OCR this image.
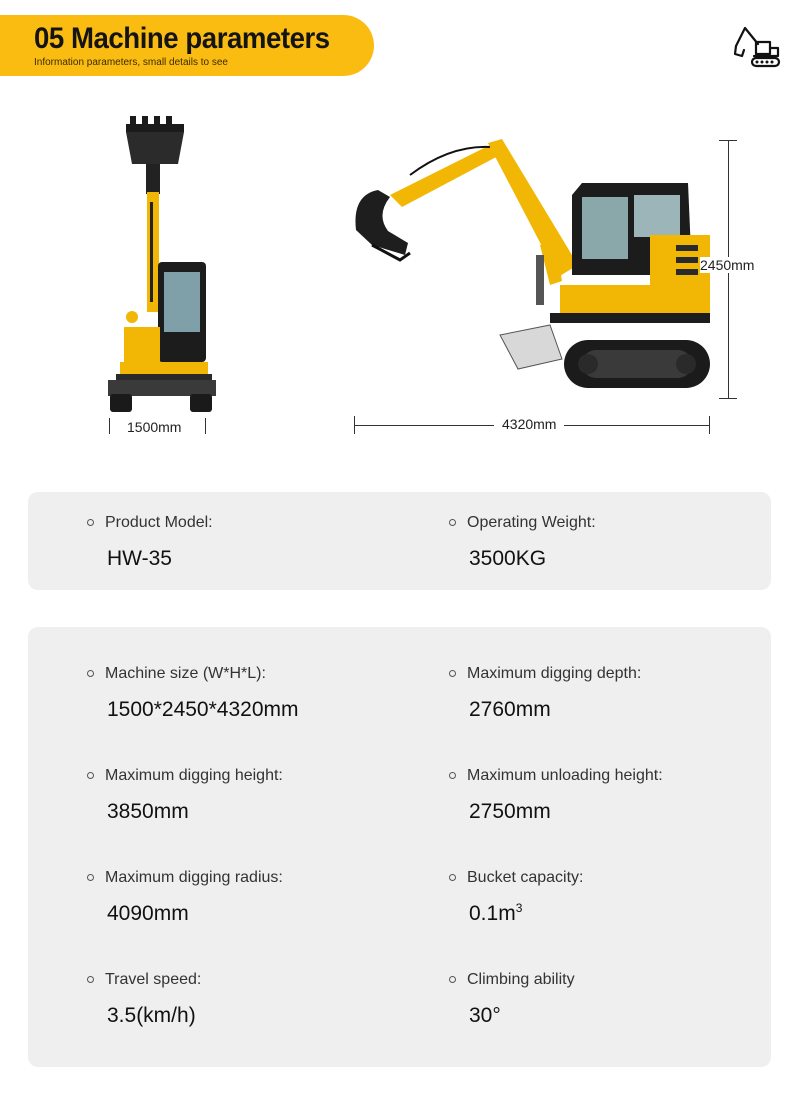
05 Machine parameters
Information parameters, small details to see
1500mm
2450mm
4320mm
Product Model:
HW-35
Operating Weight:
3500KG
Machine size (W*H*L):
1500*2450*4320mm
Maximum digging depth:
2760mm
Maximum digging height:
3850mm
Maximum unloading height:
2750mm
Maximum digging radius:
4090mm
Bucket capacity:
$0.1m^3$
Travel speed:
3.5(km/h)
Climbing ability
30°
